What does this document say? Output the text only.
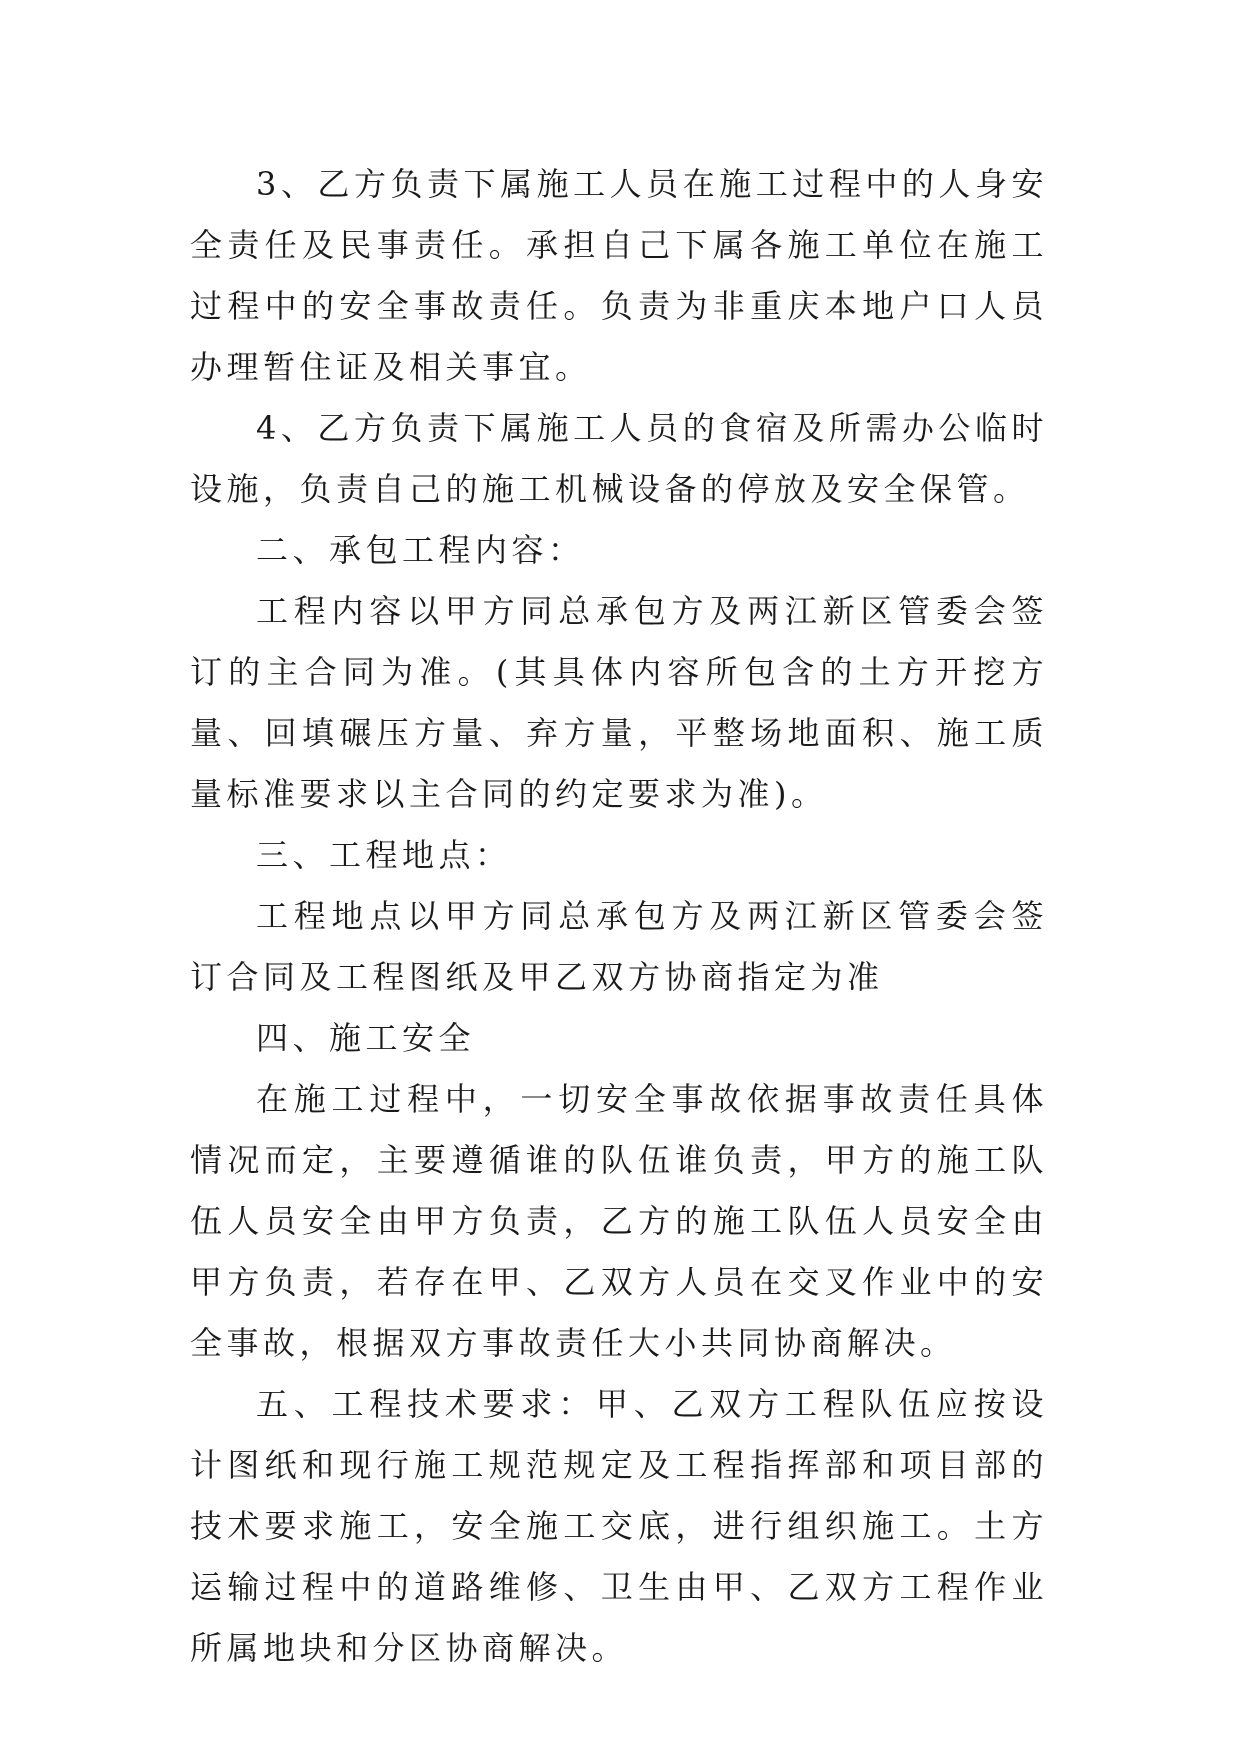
3、乙方负责下属施工人员在施工过程中的人身安全责任及民事责任。承担自己下属各施工单位在施工过程中的安全事故责任。负责为非重庆本地户口人员办理暂住证及相关事宜。

4、乙方负责下属施工人员的食宿及所需办公临时设施，负责自己的施工机械设备的停放及安全保管。

二、承包工程内容：

工程内容以甲方同总承包方及两江新区管委会签订的主合同为准。(其具体内容所包含的土方开挖方量、回填碾压方量、弃方量，平整场地面积、施工质量标准要求以主合同的约定要求为准)。

三、工程地点：

工程地点以甲方同总承包方及两江新区管委会签订合同及工程图纸及甲乙双方协商指定为准

四、施工安全

在施工过程中，一切安全事故依据事故责任具体情况而定，主要遵循谁的队伍谁负责，甲方的施工队伍人员安全由甲方负责，乙方的施工队伍人员安全由甲方负责，若存在甲、乙双方人员在交叉作业中的安全事故，根据双方事故责任大小共同协商解决。

五、工程技术要求：甲、乙双方工程队伍应按设计图纸和现行施工规范规定及工程指挥部和项目部的技术要求施工，安全施工交底，进行组织施工。土方运输过程中的道路维修、卫生由甲、乙双方工程作业所属地块和分区协商解决。
